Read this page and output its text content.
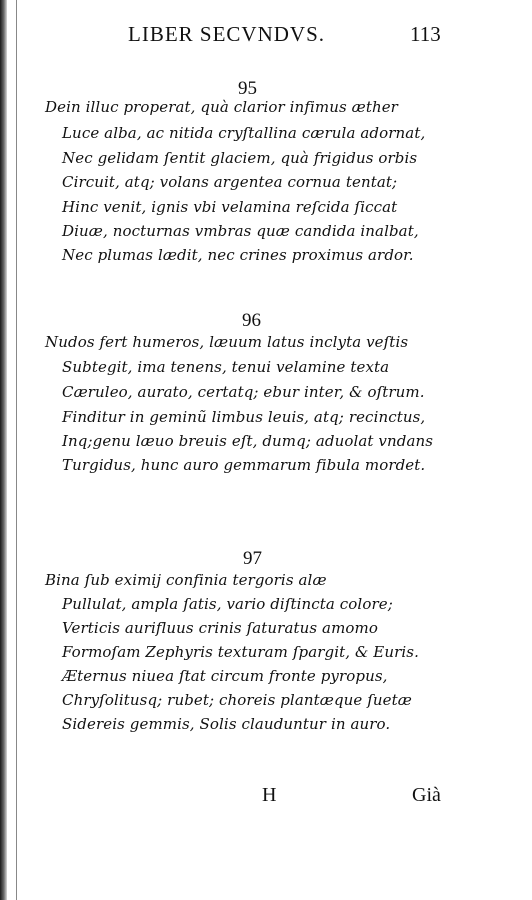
LIBER SECVNDVS.	113
95
Dein illuc properat, quà clarior infimus æther
Luce alba, ac nitida cryſtallina cærula adornat,
Nec gelidam ſentit glaciem, quà frigidus orbis
Circuit, atq; volans argentea cornua tentat;
Hinc venit, ignis vbi velamina reſcida ſiccat
Diuæ, nocturnas vmbras quæ candida inalbat,
Nec plumas lædit, nec crines proximus ardor.
96
Nudos fert humeros, læuum latus inclyta veſtis
Subtegit, ima tenens, tenui velamine texta
Cæruleo, aurato, certatq; ebur inter, & oſtrum.
Finditur in geminũ limbus leuis, atq; recinctus,
Inq;genu læuo breuis eſt, dumq; aduolat vndans
Turgidus, hunc auro gemmarum fibula mordet.
97
Bina ſub eximij confinia tergoris alæ
Pullulat, ampla ſatis, vario diſtincta colore;
Verticis aurifluus crinis ſaturatus amomo
Formoſam Zephyris texturam ſpargit, & Euris.
Æternus niuea ſtat circum fronte pyropus,
Chryſolitusq; rubet; choreis plantæque ſuetæ
Sidereis gemmis, Solis clauduntur in auro.
H	Già
